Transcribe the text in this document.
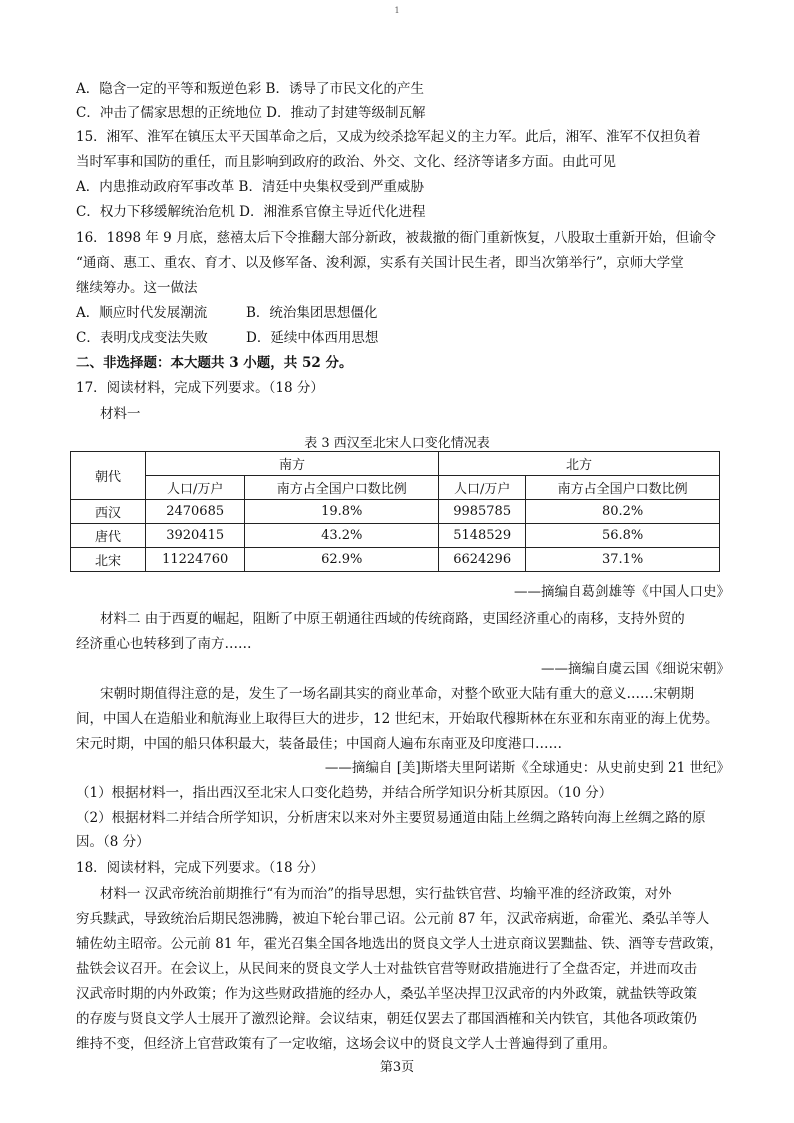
1
A．隐含一定的平等和叛逆色彩 B．诱导了市民文化的产生
C．冲击了儒家思想的正统地位 D．推动了封建等级制瓦解
15．湘军、淮军在镇压太平天国革命之后，又成为绞杀捻军起义的主力军。此后，湘军、淮军不仅担负着
当时军事和国防的重任，而且影响到政府的政治、外交、文化、经济等诸多方面。由此可见
A．内患推动政府军事改革 B．清廷中央集权受到严重威胁
C．权力下移缓解统治危机 D．湘淮系官僚主导近代化进程
16．1898 年 9 月底，慈禧太后下令推翻大部分新政，被裁撤的衙门重新恢复，八股取士重新开始，但谕令
“通商、惠工、重农、育才、以及修军备、浚利源，实系有关国计民生者，即当次第举行”，京师大学堂
继续筹办。这一做法
A．顺应时代发展潮流	B．统治集团思想僵化
C．表明戊戌变法失败	D．延续中体西用思想
二、非选择题：本大题共 3 小题，共 52 分。
17．阅读材料，完成下列要求。（18 分）
材料一
表 3 西汉至北宋人口变化情况表
朝代	南方		北方	
	人口/万户	南方占全国户口数比例	人口/万户	南方占全国户口数比例
西汉	2470685	19.8%	9985785	80.2%
唐代	3920415	43.2%	5148529	56.8%
北宋	11224760	62.9%	6624296	37.1%
——摘编自葛剑雄等《中国人口史》
材料二 由于西夏的崛起，阻断了中原王朝通往西域的传统商路，吏国经济重心的南移，支持外贸的
经济重心也转移到了南方……
——摘编自虞云国《细说宋朝》
宋朝时期值得注意的是，发生了一场名副其实的商业革命，对整个欧亚大陆有重大的意义……宋朝期
间，中国人在造船业和航海业上取得巨大的进步，12 世纪末，开始取代穆斯林在东亚和东南亚的海上优势。
宋元时期，中国的船只体积最大，装备最佳；中国商人遍布东南亚及印度港口……
——摘编自 [美]斯塔夫里阿诺斯《全球通史：从史前史到 21 世纪》
（1）根据材料一，指出西汉至北宋人口变化趋势，并结合所学知识分析其原因。（10 分）
（2）根据材料二并结合所学知识，分析唐宋以来对外主要贸易通道由陆上丝绸之路转向海上丝绸之路的原
因。（8 分）
18．阅读材料，完成下列要求。（18 分）
材料一 汉武帝统治前期推行“有为而治”的指导思想，实行盐铁官营、均输平准的经济政策，对外
穷兵黩武，导致统治后期民怨沸腾，被迫下轮台罪己诏。公元前 87 年，汉武帝病逝，命霍光、桑弘羊等人
辅佐幼主昭帝。公元前 81 年，霍光召集全国各地选出的贤良文学人士进京商议罢黜盐、铁、酒等专营政策，
盐铁会议召开。在会议上，从民间来的贤良文学人士对盐铁官营等财政措施进行了全盘否定，并进而攻击
汉武帝时期的内外政策；作为这些财政措施的经办人，桑弘羊坚决捍卫汉武帝的内外政策，就盐铁等政策
的存废与贤良文学人士展开了激烈论辩。会议结束，朝廷仅罢去了郡国酒榷和关内铁官，其他各项政策仍
维持不变，但经济上官营政策有了一定收缩，这场会议中的贤良文学人士普遍得到了重用。
第3页
